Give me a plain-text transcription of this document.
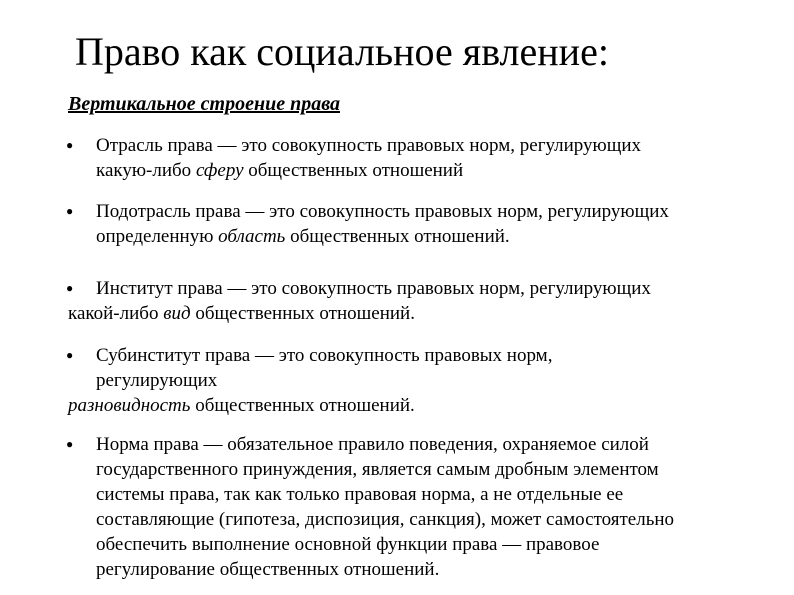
Право как социальное явление:
Вертикальное строение права
● Отрасль права — это совокупность правовых норм, регулирующих
какую-либо сферу общественных отношений
● Подотрасль права — это совокупность правовых норм, регулирующих
определенную область общественных отношений.
●	Институт права — это совокупность правовых норм, регулирующих
какой-либо вид общественных отношений.
●	Субинститут права — это совокупность правовых норм,
регулирующих
разновидность общественных отношений.
● Норма права — обязательное правило поведения, охраняемое силой
государственного принуждения, является самым дробным элементом
системы права, так как только правовая норма, а не отдельные ее
составляющие (гипотеза, диспозиция, санкция), может самостоятельно
обеспечить выполнение основной функции права — правовое
регулирование общественных отношений.
